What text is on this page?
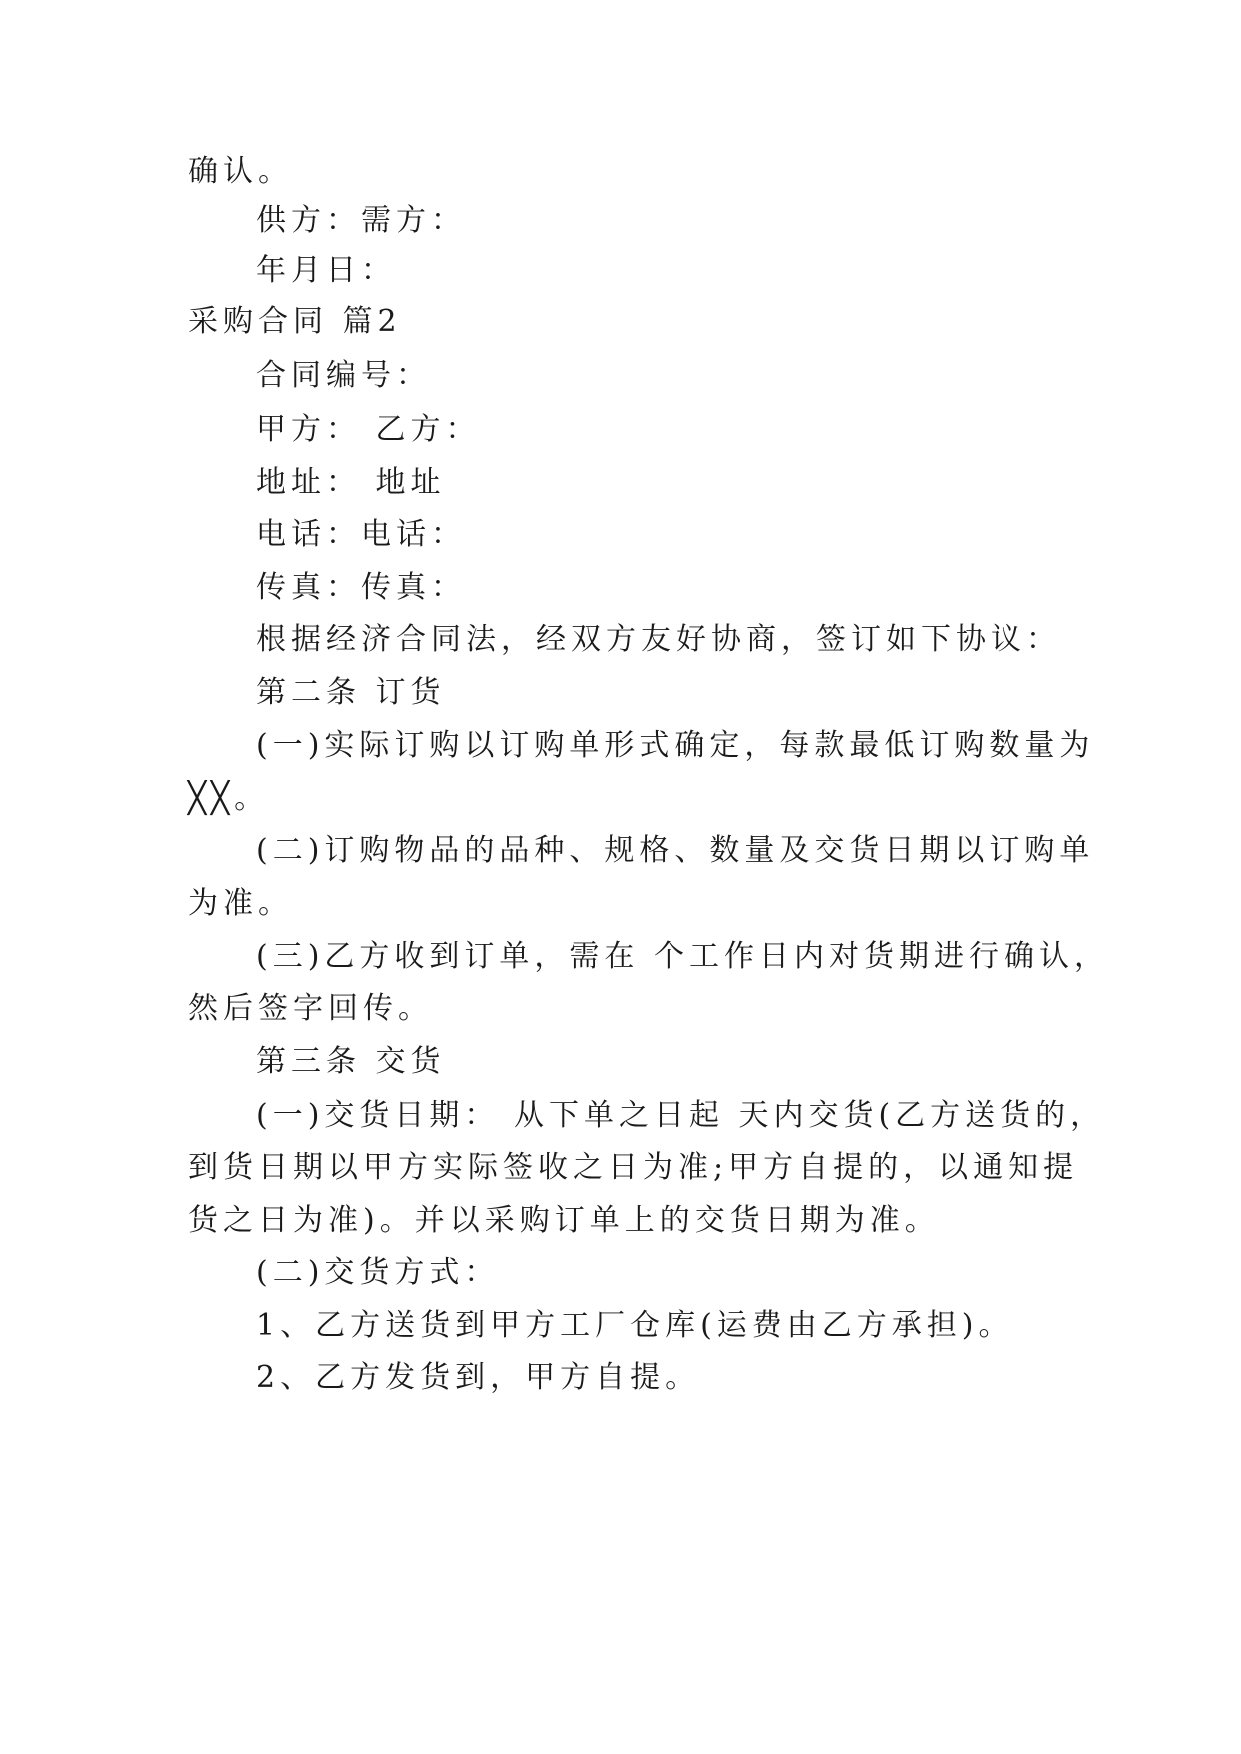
确认。
供方：需方：
年月日：
采购合同 篇2
合同编号：
甲方： 乙方：
地址： 地址
电话：电话：
传真：传真：
根据经济合同法，经双方友好协商，签订如下协议：
第二条 订货
(一)实际订购以订购单形式确定，每款最低订购数量为
╳╳。
(二)订购物品的品种、规格、数量及交货日期以订购单
为准。
(三)乙方收到订单，需在 个工作日内对货期进行确认，
然后签字回传。
第三条 交货
(一)交货日期： 从下单之日起 天内交货(乙方送货的，
到货日期以甲方实际签收之日为准;甲方自提的，以通知提
货之日为准)。并以采购订单上的交货日期为准。
(二)交货方式：
1、乙方送货到甲方工厂仓库(运费由乙方承担)。
2、乙方发货到，甲方自提。
